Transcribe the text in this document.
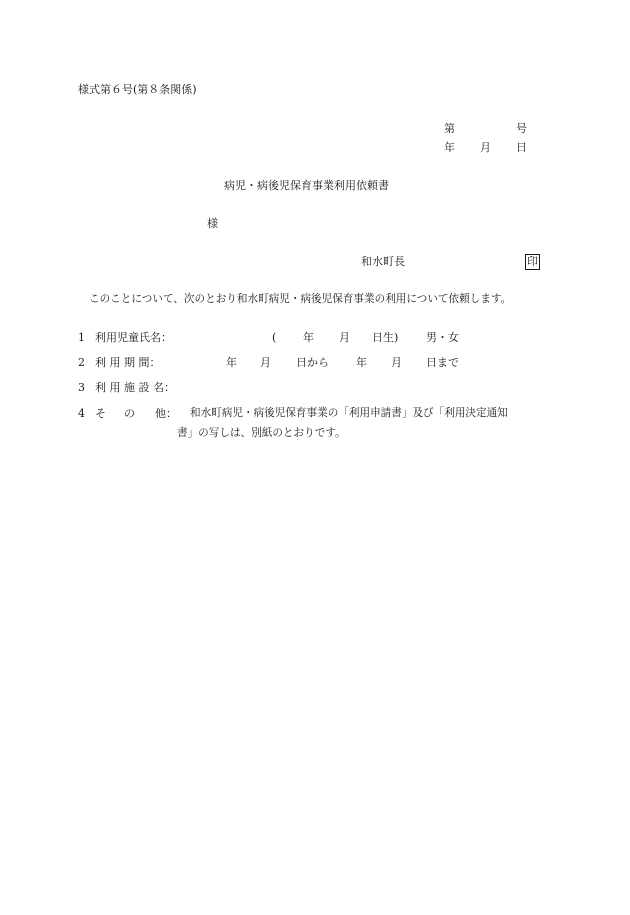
様式第６号(第８条関係)
第	号
年 月 日
病児・病後児保育事業利用依頼書
様
和水町長	印
このことについて、次のとおり和水町病児・病後児保育事業の利用について依頼します。
1 利用児童氏名：	( 年 月 日生)	男・女
2 利 用 期 間：	年 月 日から 年 月 日まで
3 利 用 施 設 名：
4 そ の 他： 和水町病児・病後児保育事業の「利用申請書」及び「利用決定通知
書」の写しは、別紙のとおりです。
